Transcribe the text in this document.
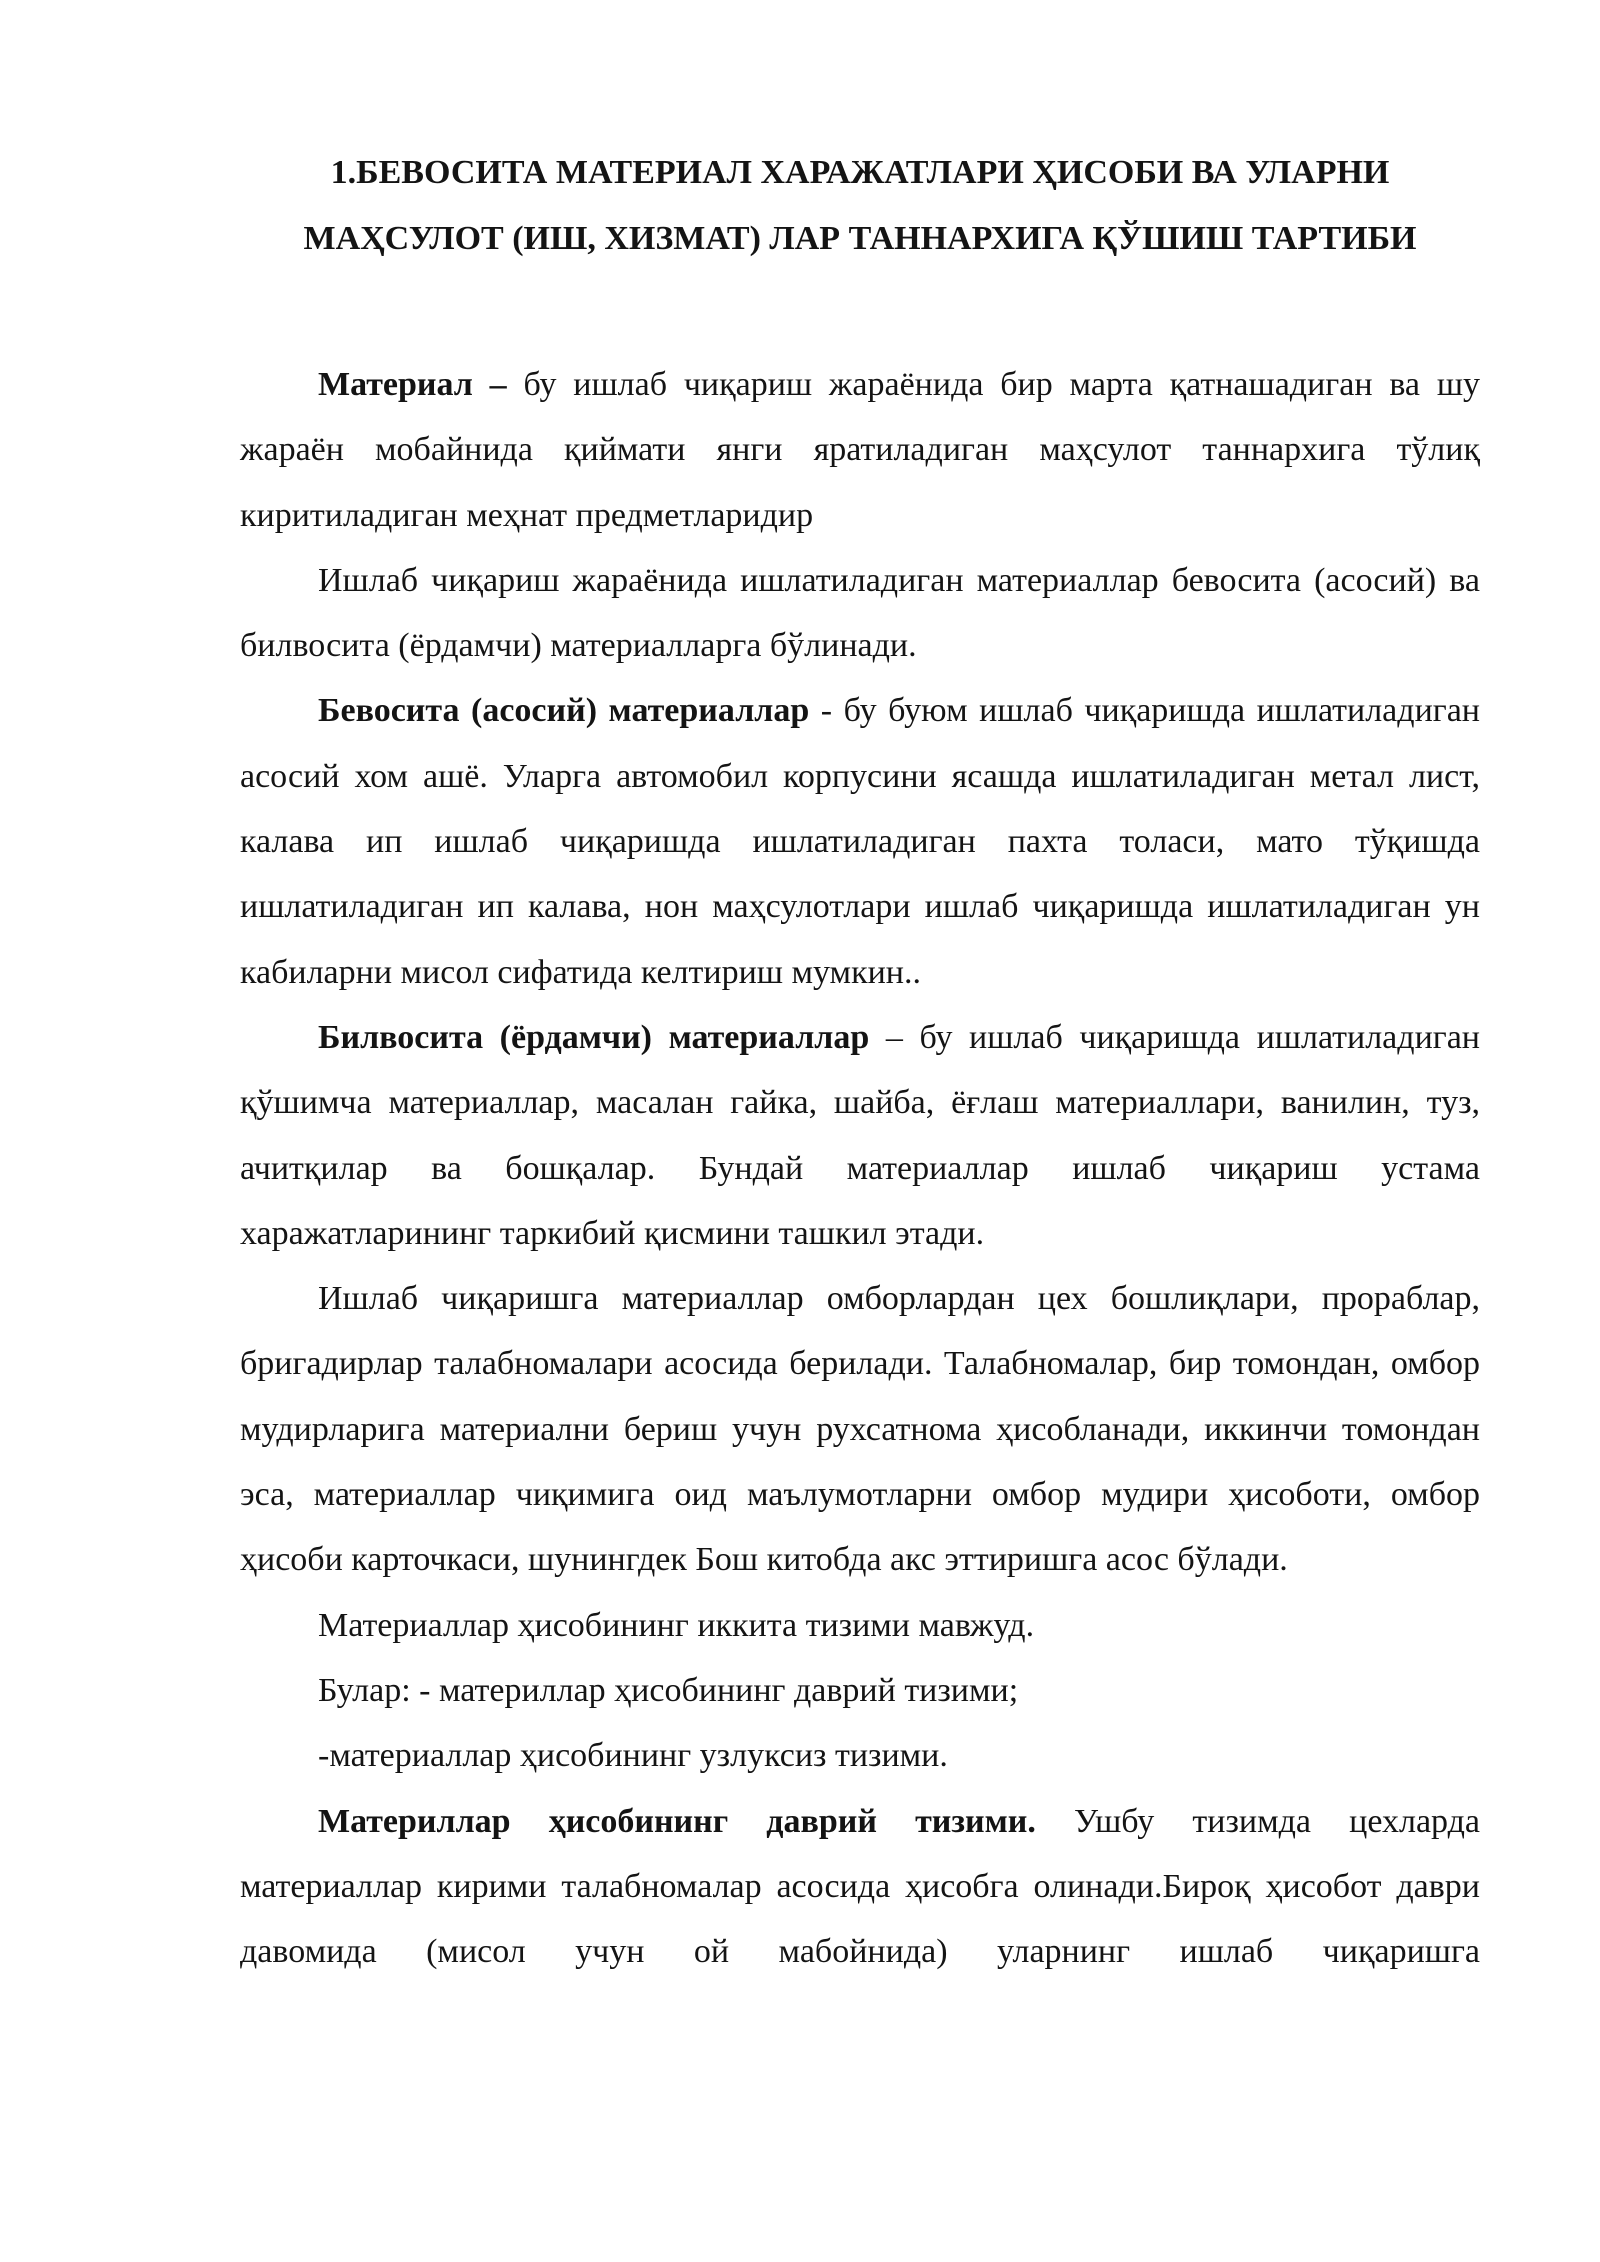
1.БЕВОСИТА МАТЕРИАЛ ХАРАЖАТЛАРИ ҲИСОБИ ВА УЛАРНИ
МАҲСУЛОТ (ИШ, ХИЗМАТ) ЛАР ТАННАРХИГА ҚЎШИШ ТАРТИБИ

Материал – бу ишлаб чиқариш жараёнида бир марта қатнашадиган ва шу жараён мобайнида қиймати янги яратиладиган маҳсулот таннархига тўлиқ киритиладиган меҳнат предметларидир

Ишлаб чиқариш жараёнида ишлатиладиган материаллар бевосита (асосий) ва билвосита (ёрдамчи) материалларга бўлинади.

Бевосита (асосий) материаллар - бу буюм ишлаб чиқаришда ишлатиладиган асосий хом ашё. Уларга автомобил корпусини ясашда ишлатиладиган метал лист, калава ип ишлаб чиқаришда ишлатиладиган пахта толаси, мато тўқишда ишлатиладиган ип калава, нон маҳсулотлари ишлаб чиқаришда ишлатиладиган ун кабиларни мисол сифатида келтириш мумкин..

Билвосита (ёрдамчи) материаллар – бу ишлаб чиқаришда ишлатиладиган қўшимча материаллар, масалан гайка, шайба, ёғлаш материаллари, ванилин, туз, ачитқилар ва бошқалар. Бундай материаллар ишлаб чиқариш устама харажатларининг таркибий қисмини ташкил этади.

Ишлаб чиқаришга материаллар омборлардан цех бошлиқлари, прораблар, бригадирлар талабномалари асосида берилади. Талабномалар, бир томондан, омбор мудирларига материални бериш учун рухсатнома ҳисобланади, иккинчи томондан эса, материаллар чиқимига оид маълумотларни омбор мудири ҳисоботи, омбор ҳисоби карточкаси, шунингдек Бош китобда акс эттиришга асос бўлади.

Материаллар ҳисобининг иккита тизими мавжуд.

Булар: - материллар ҳисобининг даврий тизими;

-материаллар ҳисобининг узлуксиз тизими.

Материллар ҳисобининг даврий тизими. Ушбу тизимда цехларда материаллар кирими талабномалар асосида ҳисобга олинади.Бироқ ҳисобот даври давомида (мисол учун ой мабойнида) уларнинг ишлаб чиқаришга
